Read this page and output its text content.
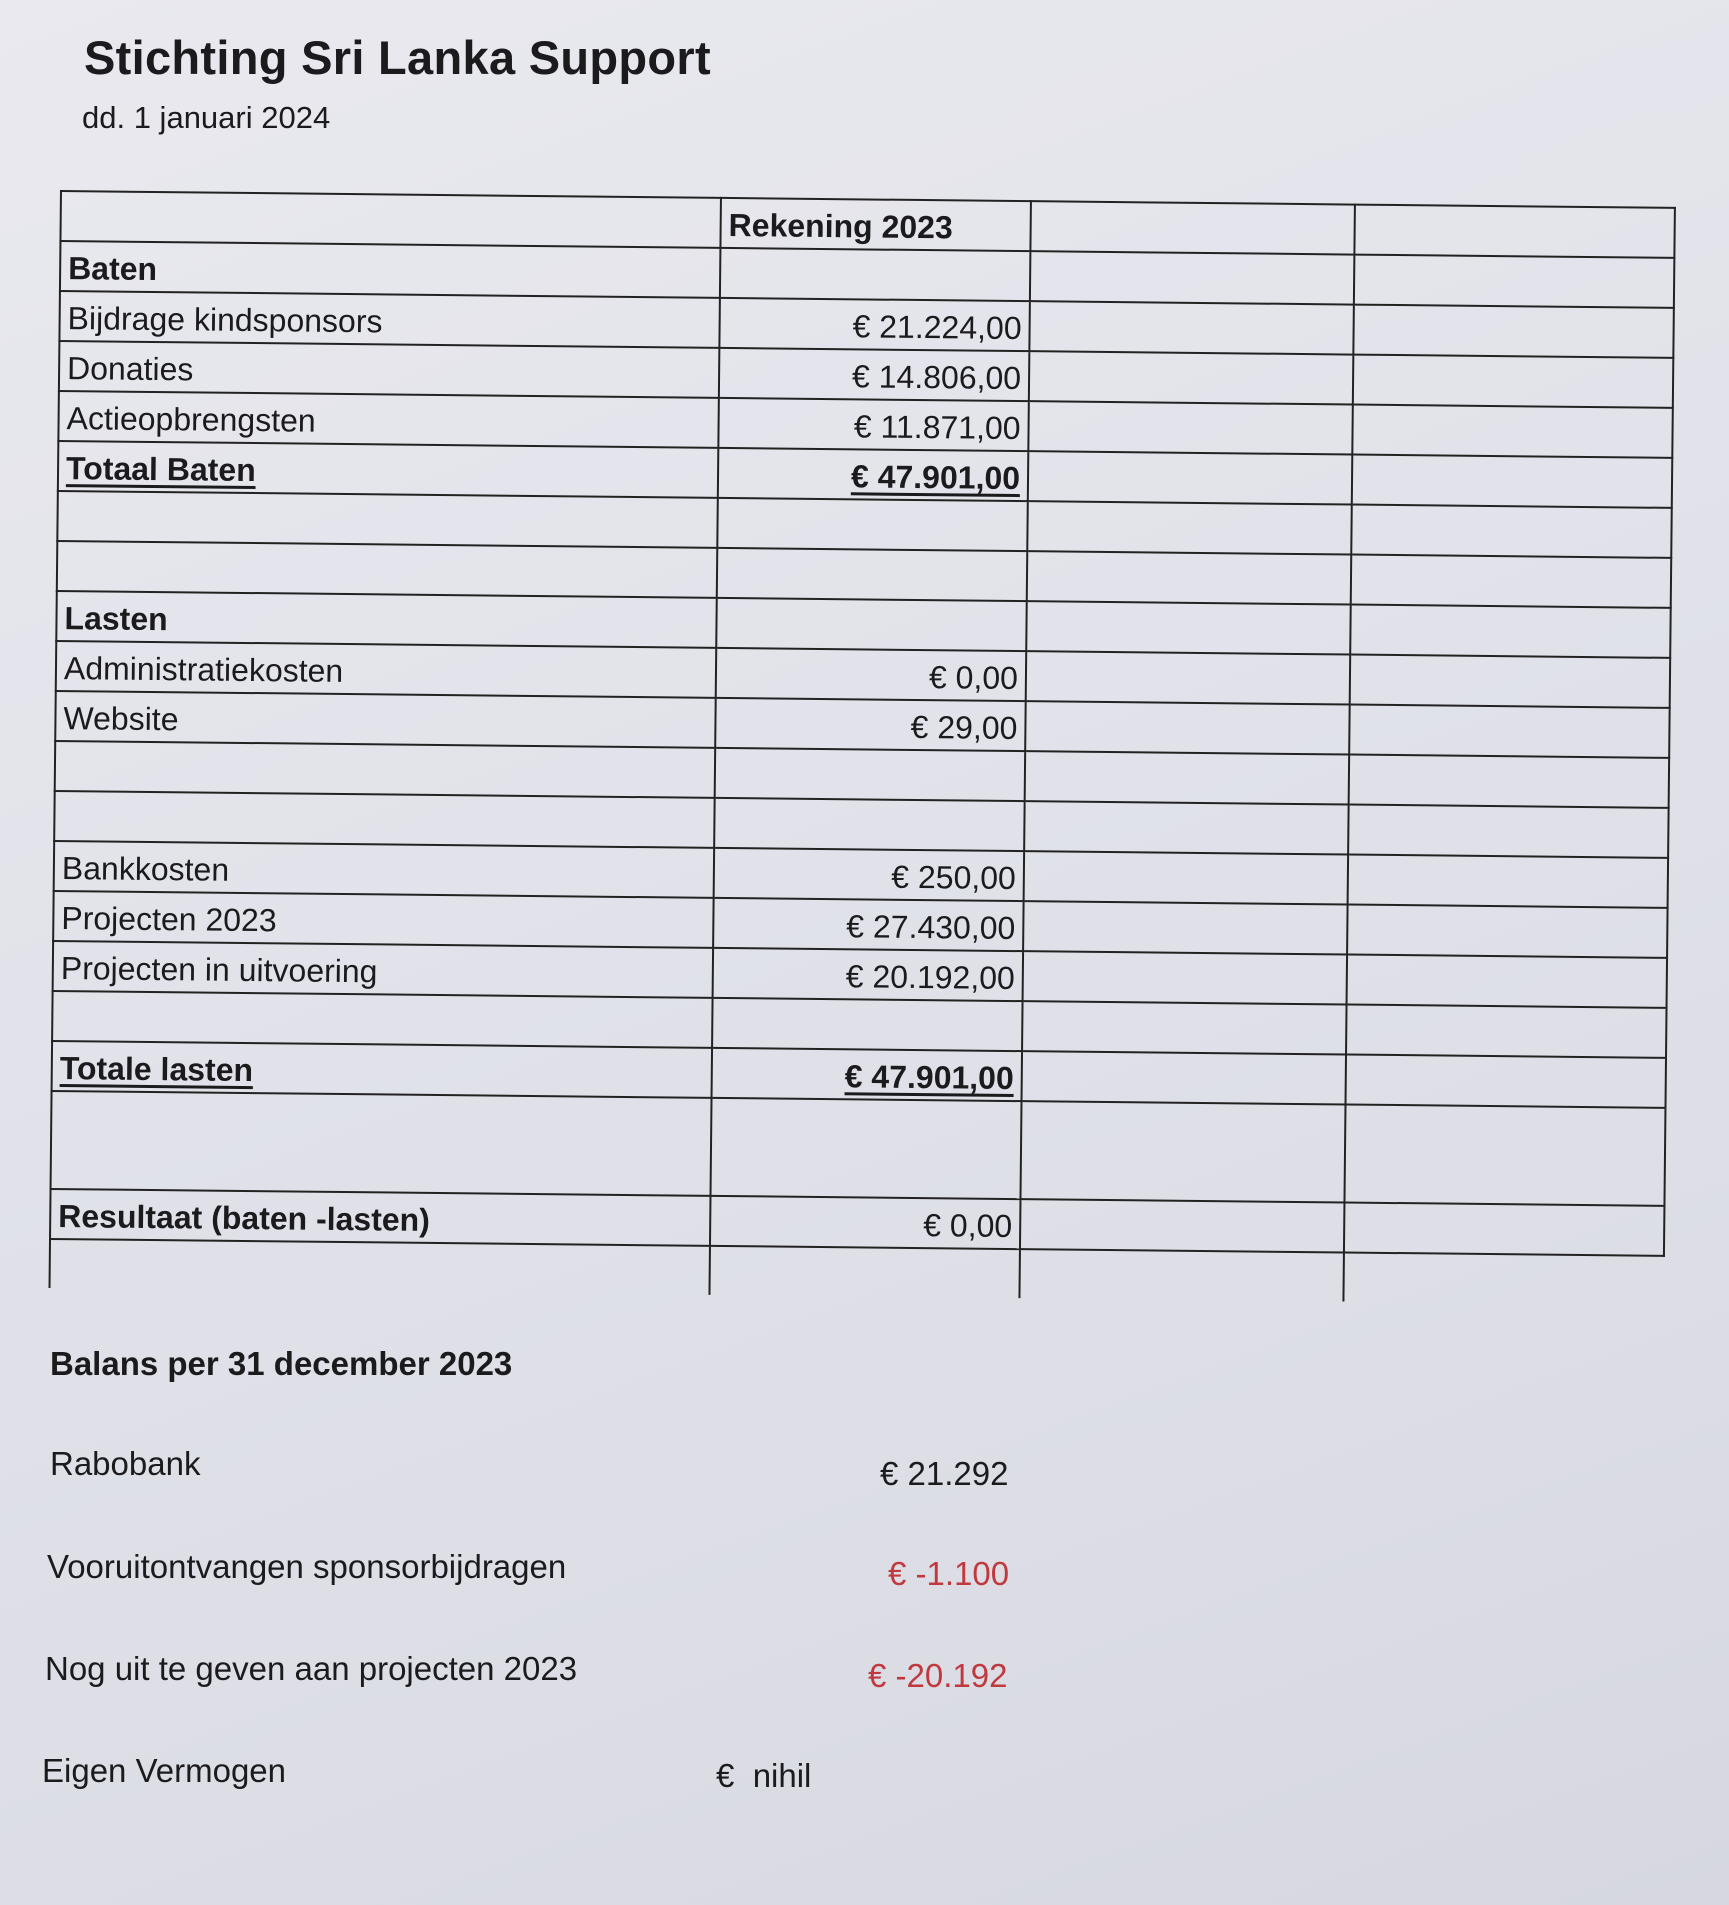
Stichting Sri Lanka Support
dd. 1 januari 2024
	Rekening 2023		
Baten			
Bijdrage kindsponsors	€ 21.224,00		
Donaties	€ 14.806,00		
Actieopbrengsten	€ 11.871,00		
Totaal Baten	€ 47.901,00		

Lasten			
Administratiekosten	€ 0,00		
Website	€ 29,00		

Bankkosten	€ 250,00		
Projecten 2023	€ 27.430,00		
Projecten in uitvoering	€ 20.192,00		

Totale lasten	€ 47.901,00		

Resultaat (baten -lasten)	€ 0,00		

Balans per 31 december 2023
Rabobank	€ 21.292
Vooruitontvangen sponsorbijdragen	€ -1.100
Nog uit te geven aan projecten 2023	€ -20.192
Eigen Vermogen	€  nihil
